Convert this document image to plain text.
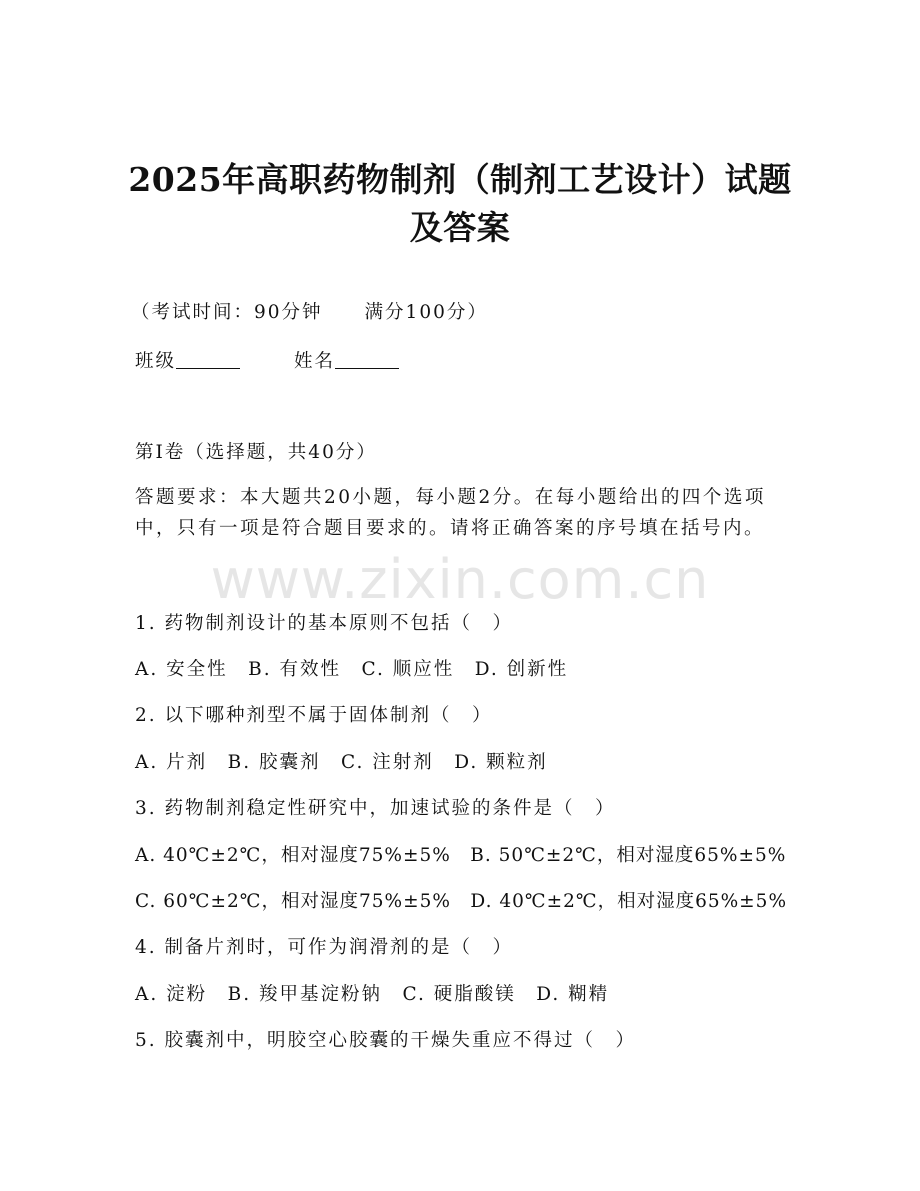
2025年高职药物制剂（制剂工艺设计）试题
及答案
（考试时间：90分钟 满分100分）
班级	姓名
第Ⅰ卷（选择题，共40分）
答题要求：本大题共20小题，每小题2分。在每小题给出的四个选项中，只有一项是符合题目要求的。请将正确答案的序号填在括号内。
www.zixin.com.cn
1. 药物制剂设计的基本原则不包括（　）
A. 安全性　B. 有效性　C. 顺应性　D. 创新性
2. 以下哪种剂型不属于固体制剂（　）
A. 片剂　B. 胶囊剂　C. 注射剂　D. 颗粒剂
3. 药物制剂稳定性研究中，加速试验的条件是（　）
A. 40℃±2℃，相对湿度75%±5%　B. 50℃±2℃，相对湿度65%±5%
C. 60℃±2℃，相对湿度75%±5%　D. 40℃±2℃，相对湿度65%±5%
4. 制备片剂时，可作为润滑剂的是（　）
A. 淀粉　B. 羧甲基淀粉钠　C. 硬脂酸镁　D. 糊精
5. 胶囊剂中，明胶空心胶囊的干燥失重应不得过（　）
